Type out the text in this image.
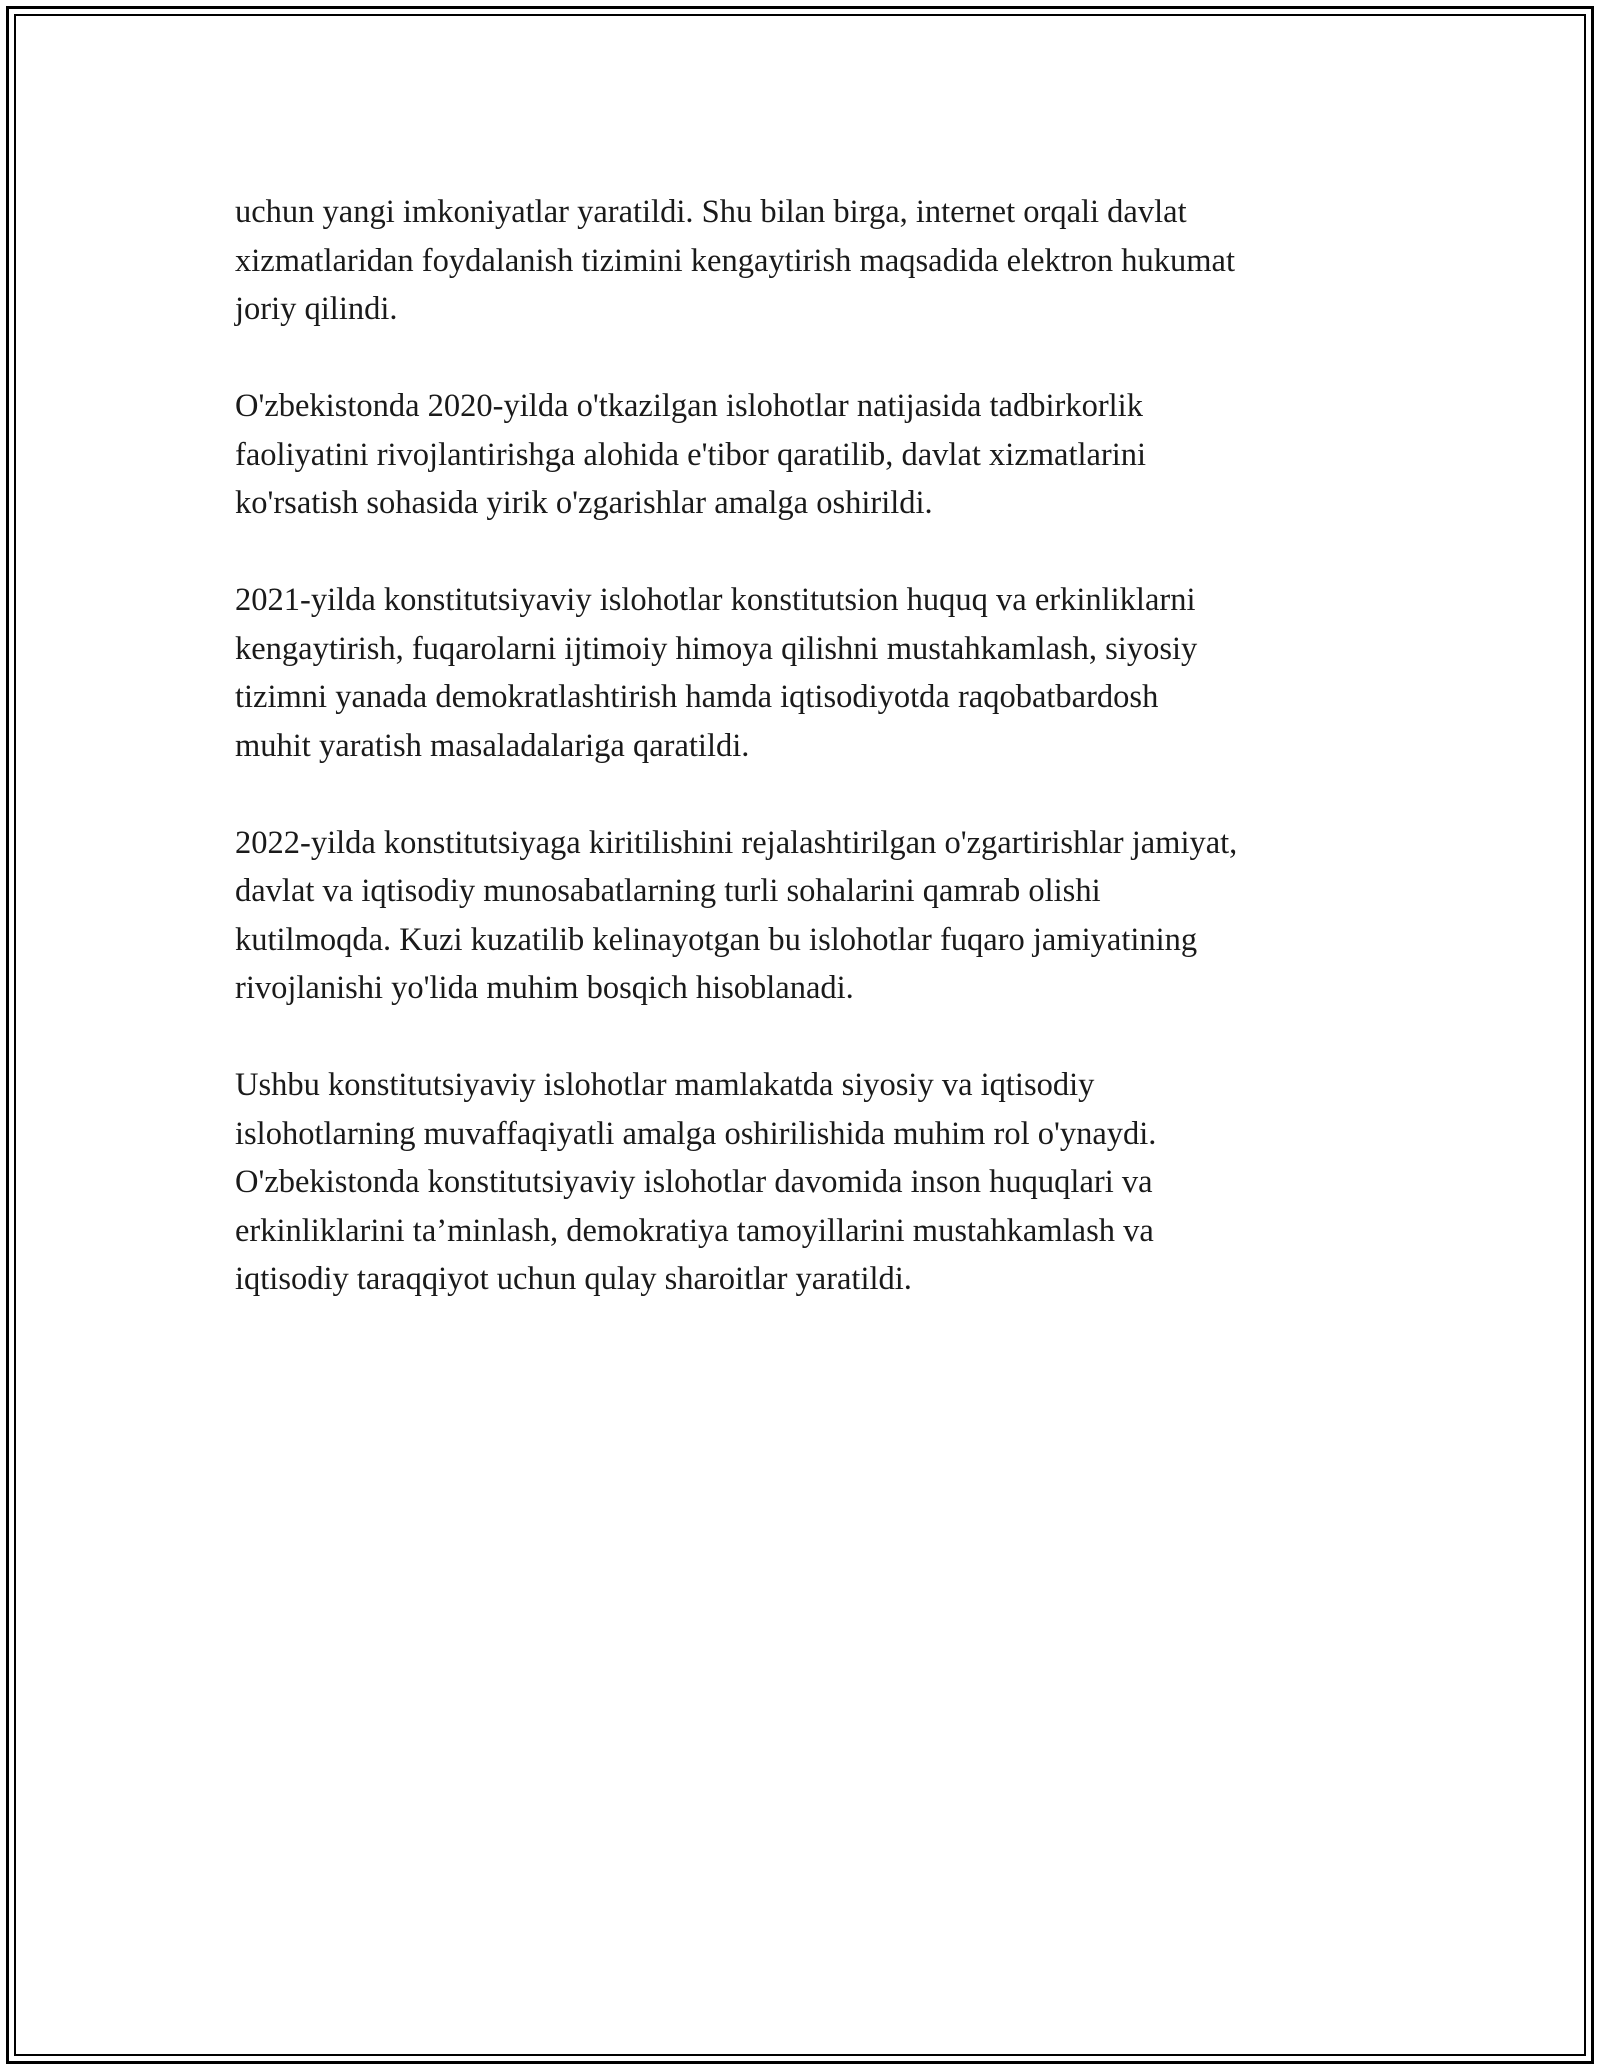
uchun yangi imkoniyatlar yaratildi. Shu bilan birga, internet orqali davlat
xizmatlaridan foydalanish tizimini kengaytirish maqsadida elektron hukumat
joriy qilindi.

O'zbekistonda 2020-yilda o'tkazilgan islohotlar natijasida tadbirkorlik
faoliyatini rivojlantirishga alohida e'tibor qaratilib, davlat xizmatlarini
ko'rsatish sohasida yirik o'zgarishlar amalga oshirildi.

2021-yilda konstitutsiyaviy islohotlar konstitutsion huquq va erkinliklarni
kengaytirish, fuqarolarni ijtimoiy himoya qilishni mustahkamlash, siyosiy
tizimni yanada demokratlashtirish hamda iqtisodiyotda raqobatbardosh
muhit yaratish masaladalariga qaratildi.

2022-yilda konstitutsiyaga kiritilishini rejalashtirilgan o'zgartirishlar jamiyat,
davlat va iqtisodiy munosabatlarning turli sohalarini qamrab olishi
kutilmoqda. Kuzi kuzatilib kelinayotgan bu islohotlar fuqaro jamiyatining
rivojlanishi yo'lida muhim bosqich hisoblanadi.

Ushbu konstitutsiyaviy islohotlar mamlakatda siyosiy va iqtisodiy
islohotlarning muvaffaqiyatli amalga oshirilishida muhim rol o'ynaydi.
O'zbekistonda konstitutsiyaviy islohotlar davomida inson huquqlari va
erkinliklarini ta’minlash, demokratiya tamoyillarini mustahkamlash va
iqtisodiy taraqqiyot uchun qulay sharoitlar yaratildi.
